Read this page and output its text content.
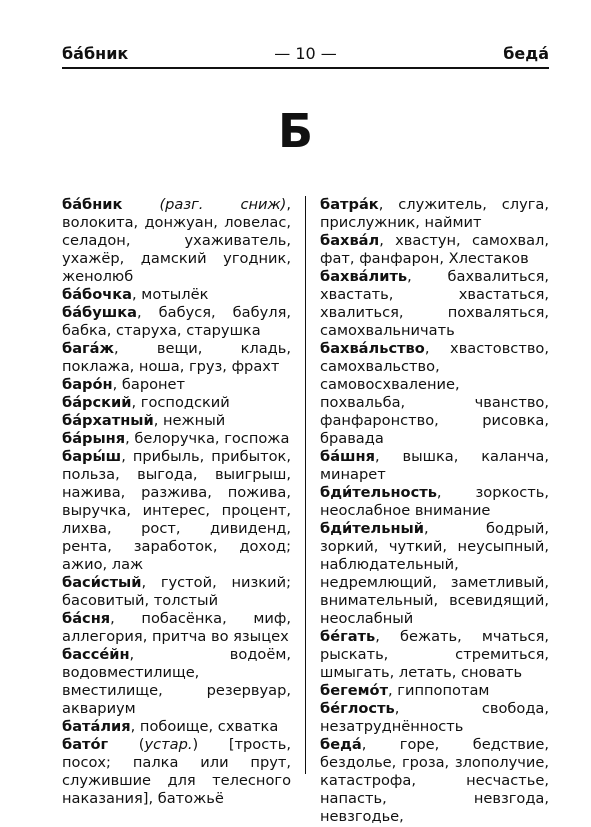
ба́бник	— 10 —	беда́
Б
ба́бник (разг. сниж), волокита, донжуан, ловелас, селадон, ухаживатель, ухажёр, дамский угодник, женолюб
ба́бочка, мотылёк
ба́бушка, бабуся, бабуля, бабка, старуха, старушка
бага́ж, вещи, кладь, поклажа, ноша, груз, фрахт
баро́н, баронет
ба́рский, господский
ба́рхатный, нежный
ба́рыня, белоручка, госпожа
бары́ш, прибыль, прибыток, польза, выгода, выигрыш, нажива, разжива, пожива, выручка, интерес, процент, лихва, рост, дивиденд, рента, заработок, доход; ажио, лаж
баси́стый, густой, низкий; басовитый, толстый
ба́сня, побасёнка, миф, аллегория, притча во языцех
бассе́йн, водоём, водовместилище, вместилище, резервуар, аквариум
бата́лия, побоище, схватка
бато́г (устар.) [трость, посох; палка или прут, служившие для телесного наказания], батожьё
батра́к, служитель, слуга, прислужник, наймит
бахва́л, хвастун, самохвал, фат, фанфарон, Хлестаков
бахва́лить, бахвалиться, хвастать, хвастаться, хвалиться, похваляться, самохвальничать
бахва́льство, хвастовство, самохвальство, самовосхваление, похвальба, чванство, фанфаронство, рисовка, бравада
ба́шня, вышка, каланча, минарет
бди́тельность, зоркость, неослабное внимание
бди́тельный, бодрый, зоркий, чуткий, неусыпный, наблюдательный, недремлющий, заметливый, внимательный, всевидящий, неослабный
бе́гать, бежать, мчаться, рыскать, стремиться, шмыгать, летать, сновать
бегемо́т, гиппопотам
бе́глость, свобода, незатруднённость
беда́, горе, бедствие, бездолье, гроза, злополучие, катастрофа, несчастье, напасть, невзгода, невзгодье,
